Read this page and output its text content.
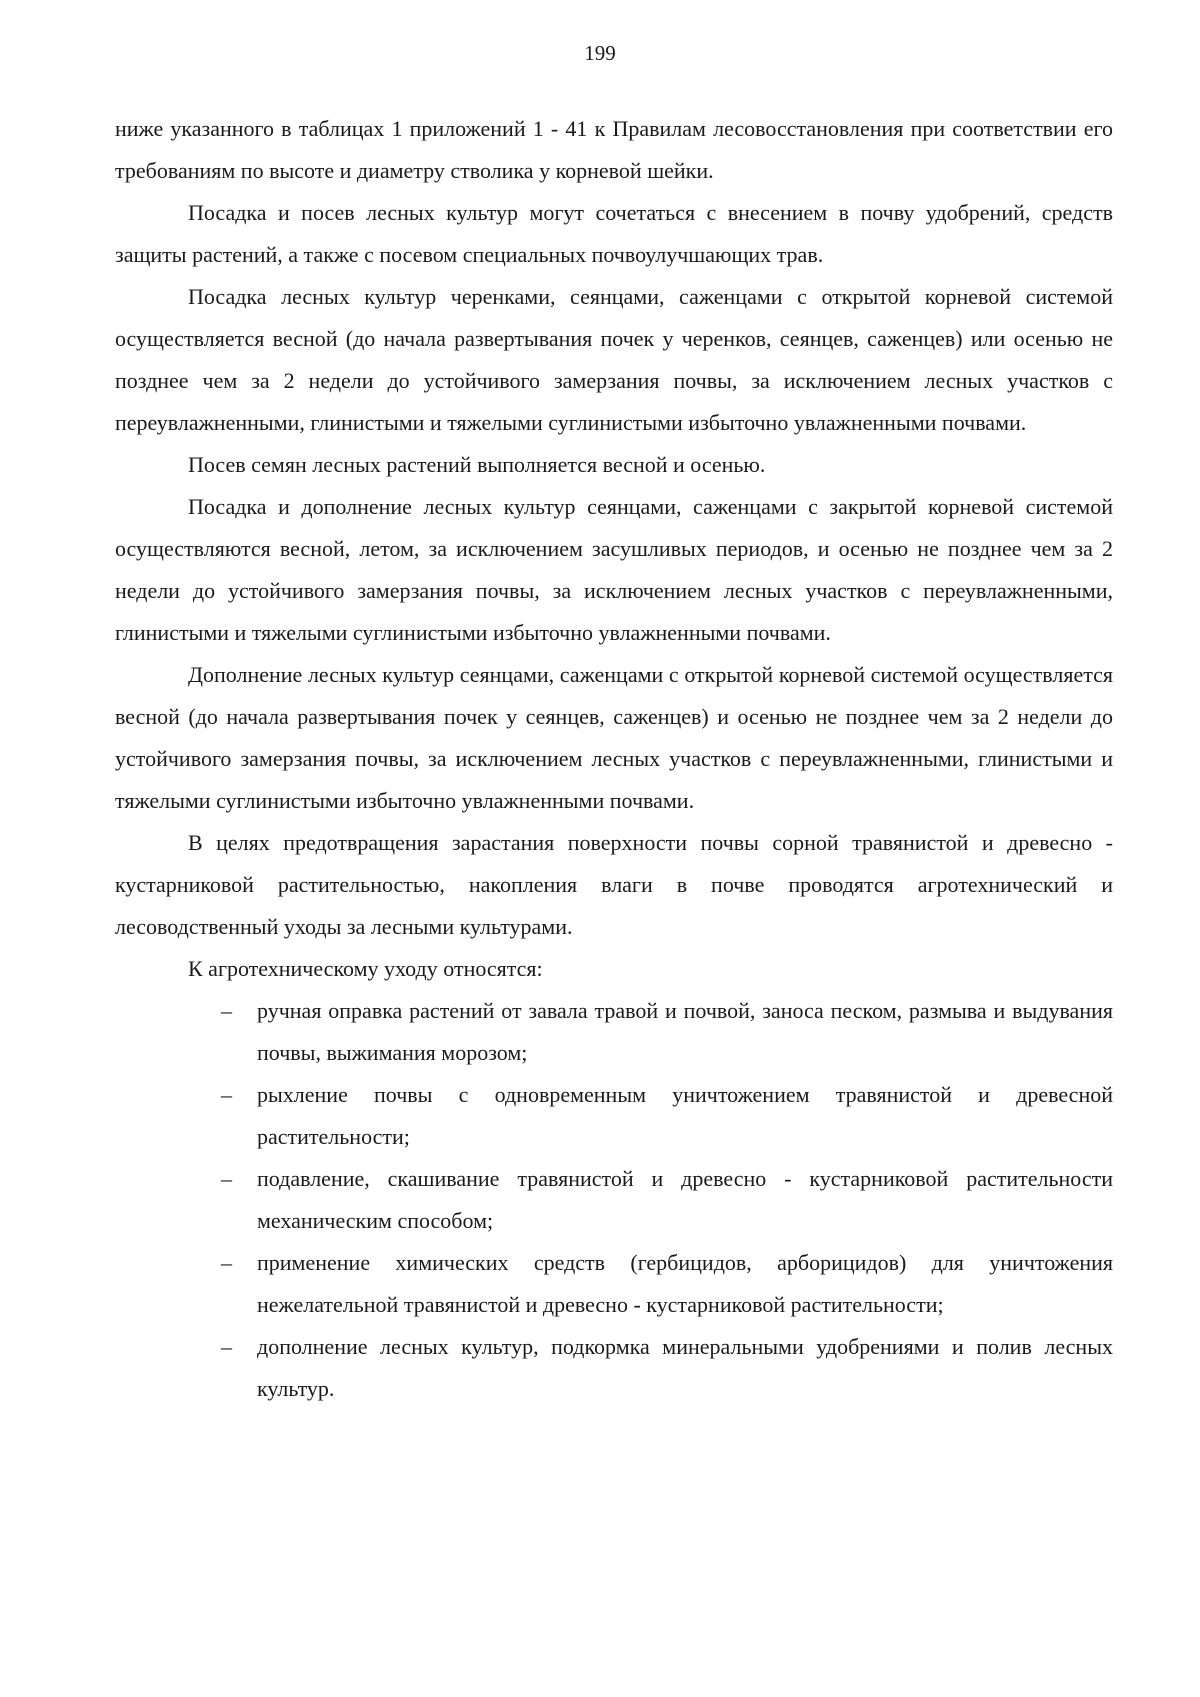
199

ниже указанного в таблицах 1 приложений 1 - 41 к Правилам лесовосстановления при соответствии его требованиям по высоте и диаметру стволика у корневой шейки.

Посадка и посев лесных культур могут сочетаться с внесением в почву удобрений, средств защиты растений, а также с посевом специальных почвоулучшающих трав.

Посадка лесных культур черенками, сеянцами, саженцами с открытой корневой системой осуществляется весной (до начала развертывания почек у черенков, сеянцев, саженцев) или осенью не позднее чем за 2 недели до устойчивого замерзания почвы, за исключением лесных участков с переувлажненными, глинистыми и тяжелыми суглинистыми избыточно увлажненными почвами.

Посев семян лесных растений выполняется весной и осенью.

Посадка и дополнение лесных культур сеянцами, саженцами с закрытой корневой системой осуществляются весной, летом, за исключением засушливых периодов, и осенью не позднее чем за 2 недели до устойчивого замерзания почвы, за исключением лесных участков с переувлажненными, глинистыми и тяжелыми суглинистыми избыточно увлажненными почвами.

Дополнение лесных культур сеянцами, саженцами с открытой корневой системой осуществляется весной (до начала развертывания почек у сеянцев, саженцев) и осенью не позднее чем за 2 недели до устойчивого замерзания почвы, за исключением лесных участков с переувлажненными, глинистыми и тяжелыми суглинистыми избыточно увлажненными почвами.

В целях предотвращения зарастания поверхности почвы сорной травянистой и древесно - кустарниковой растительностью, накопления влаги в почве проводятся агротехнический и лесоводственный уходы за лесными культурами.

К агротехническому уходу относятся:

– ручная оправка растений от завала травой и почвой, заноса песком, размыва и выдувания почвы, выжимания морозом;
– рыхление почвы с одновременным уничтожением травянистой и древесной растительности;
– подавление, скашивание травянистой и древесно - кустарниковой растительности механическим способом;
– применение химических средств (гербицидов, арборицидов) для уничтожения нежелательной травянистой и древесно - кустарниковой растительности;
– дополнение лесных культур, подкормка минеральными удобрениями и полив лесных культур.
